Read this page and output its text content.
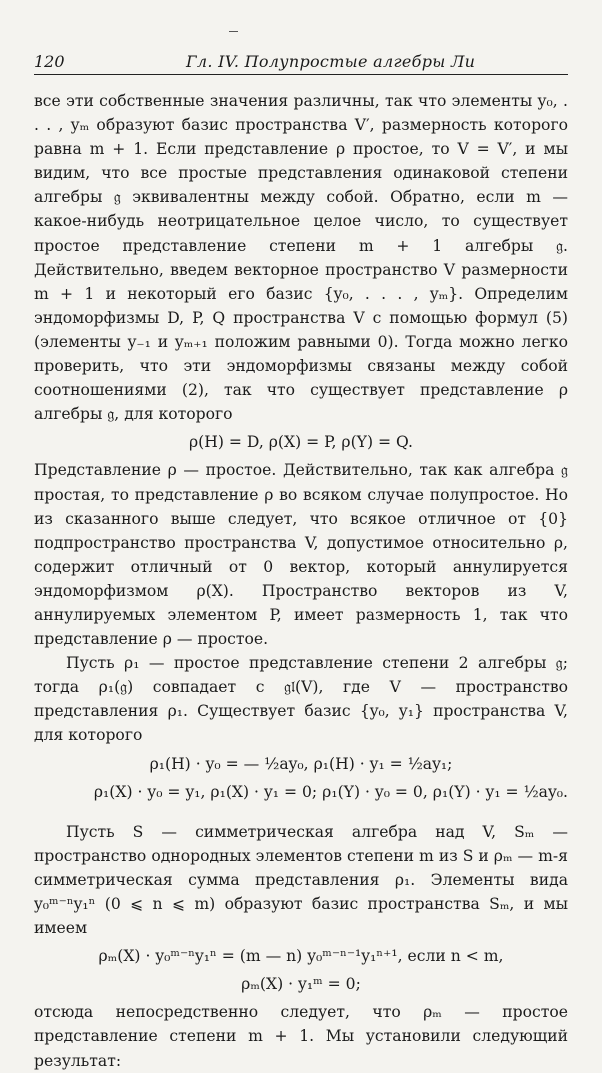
120	Гл. IV. Полупростые алгебры Ли

все эти собственные значения различны, так что элементы y₀, . . . , yₘ образуют базис пространства V′, размерность которого равна m + 1. Если представление ρ простое, то V = V′, и мы видим, что все простые представления одинаковой степени алгебры 𝔤 эквивалентны между собой. Обратно, если m — какое-нибудь неотрицательное целое число, то существует простое представление степени m + 1 алгебры 𝔤. Действительно, введем векторное пространство V размерности m + 1 и некоторый его базис {y₀, . . . , yₘ}. Определим эндоморфизмы D, P, Q пространства V с помощью формул (5) (элементы y₋₁ и yₘ₊₁ положим равными 0). Тогда можно легко проверить, что эти эндоморфизмы связаны между собой соотношениями (2), так что существует представление ρ алгебры 𝔤, для которого

ρ(H) = D, ρ(X) = P, ρ(Y) = Q.

Представление ρ — простое. Действительно, так как алгебра 𝔤 простая, то представление ρ во всяком случае полупростое. Но из сказанного выше следует, что всякое отличное от {0} подпространство пространства V, допустимое относительно ρ, содержит отличный от 0 вектор, который аннулируется эндоморфизмом ρ(X). Пространство векторов из V, аннулируемых элементом P, имеет размерность 1, так что представление ρ — простое.

Пусть ρ₁ — простое представление степени 2 алгебры 𝔤; тогда ρ₁(𝔤) совпадает с 𝔤𝔩(V), где V — пространство представления ρ₁. Существует базис {y₀, y₁} пространства V, для которого

ρ₁(H) · y₀ = — ½ay₀, ρ₁(H) · y₁ = ½ay₁;
ρ₁(X) · y₀ = y₁, ρ₁(X) · y₁ = 0; ρ₁(Y) · y₀ = 0, ρ₁(Y) · y₁ = ½ay₀.

Пусть S — симметрическая алгебра над V, Sₘ — пространство однородных элементов степени m из S и ρₘ — m-я симметрическая сумма представления ρ₁. Элементы вида y₀ᵐ⁻ⁿy₁ⁿ (0 ⩽ n ⩽ m) образуют базис пространства Sₘ, и мы имеем

ρₘ(X) · y₀ᵐ⁻ⁿy₁ⁿ = (m — n) y₀ᵐ⁻ⁿ⁻¹y₁ⁿ⁺¹, если n < m,
ρₘ(X) · y₁ᵐ = 0;

отсюда непосредственно следует, что ρₘ — простое представление степени m + 1. Мы установили следующий результат:
